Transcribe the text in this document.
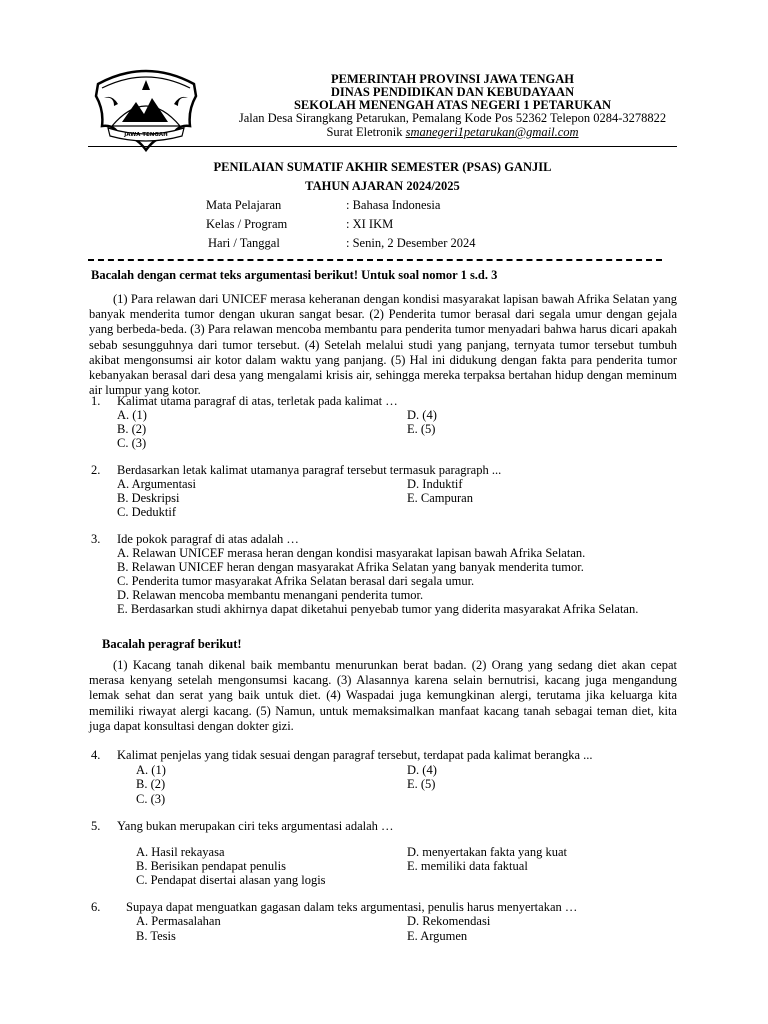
JAWA TENGAH
PEMERINTAH PROVINSI JAWA TENGAH
DINAS PENDIDIKAN DAN KEBUDAYAAN
SEKOLAH MENENGAH ATAS NEGERI 1 PETARUKAN
Jalan Desa Sirangkang Petarukan, Pemalang Kode Pos 52362 Telepon 0284-3278822
Surat Eletronik smanegeri1petarukan@gmail.com
PENILAIAN SUMATIF AKHIR SEMESTER (PSAS) GANJIL
TAHUN AJARAN 2024/2025
Mata Pelajaran	: Bahasa Indonesia
Kelas / Program	: XI IKM
Hari / Tanggal	: Senin, 2 Desember 2024
Bacalah dengan cermat teks argumentasi berikut! Untuk soal nomor 1 s.d. 3
(1) Para relawan dari UNICEF merasa keheranan dengan kondisi masyarakat lapisan bawah Afrika Selatan yang banyak menderita tumor dengan ukuran sangat besar. (2) Penderita tumor berasal dari segala umur dengan gejala yang berbeda-beda. (3) Para relawan mencoba membantu para penderita tumor menyadari bahwa harus dicari apakah sebab sesungguhnya dari tumor tersebut. (4) Setelah melalui studi yang panjang, ternyata tumor tersebut tumbuh akibat mengonsumsi air kotor dalam waktu yang panjang. (5) Hal ini didukung dengan fakta para penderita tumor kebanyakan berasal dari desa yang mengalami krisis air, sehingga mereka terpaksa bertahan hidup dengan meminum air lumpur yang kotor.
1. Kalimat utama paragraf di atas, terletak pada kalimat …
A. (1)
B. (2)
C. (3)
D. (4)
E. (5)
2. Berdasarkan letak kalimat utamanya paragraf tersebut termasuk paragraph ...
A. Argumentasi
B. Deskripsi
C. Deduktif
D. Induktif
E. Campuran
3. Ide pokok paragraf di atas adalah …
A. Relawan UNICEF merasa heran dengan kondisi masyarakat lapisan bawah Afrika Selatan.
B. Relawan UNICEF heran dengan masyarakat Afrika Selatan yang banyak menderita tumor.
C. Penderita tumor masyarakat Afrika Selatan berasal dari segala umur.
D. Relawan mencoba membantu menangani penderita tumor.
E. Berdasarkan studi akhirnya dapat diketahui penyebab tumor yang diderita masyarakat Afrika Selatan.
Bacalah peragraf berikut!
(1) Kacang tanah dikenal baik membantu menurunkan berat badan. (2) Orang yang sedang diet akan cepat merasa kenyang setelah mengonsumsi kacang. (3) Alasannya karena selain bernutrisi, kacang juga mengandung lemak sehat dan serat yang baik untuk diet. (4) Waspadai juga kemungkinan alergi, terutama jika keluarga kita memiliki riwayat alergi kacang. (5) Namun, untuk memaksimalkan manfaat kacang tanah sebagai teman diet, kita juga dapat konsultasi dengan dokter gizi.
4. Kalimat penjelas yang tidak sesuai dengan paragraf tersebut, terdapat pada kalimat berangka ...
A. (1)
B. (2)
C. (3)
D. (4)
E. (5)
5. Yang bukan merupakan ciri teks argumentasi adalah …
A. Hasil rekayasa
B. Berisikan pendapat penulis
C. Pendapat disertai alasan yang logis
D. menyertakan fakta yang kuat
E. memiliki data faktual
6. Supaya dapat menguatkan gagasan dalam teks argumentasi, penulis harus menyertakan …
A. Permasalahan
B. Tesis
D. Rekomendasi
E. Argumen
